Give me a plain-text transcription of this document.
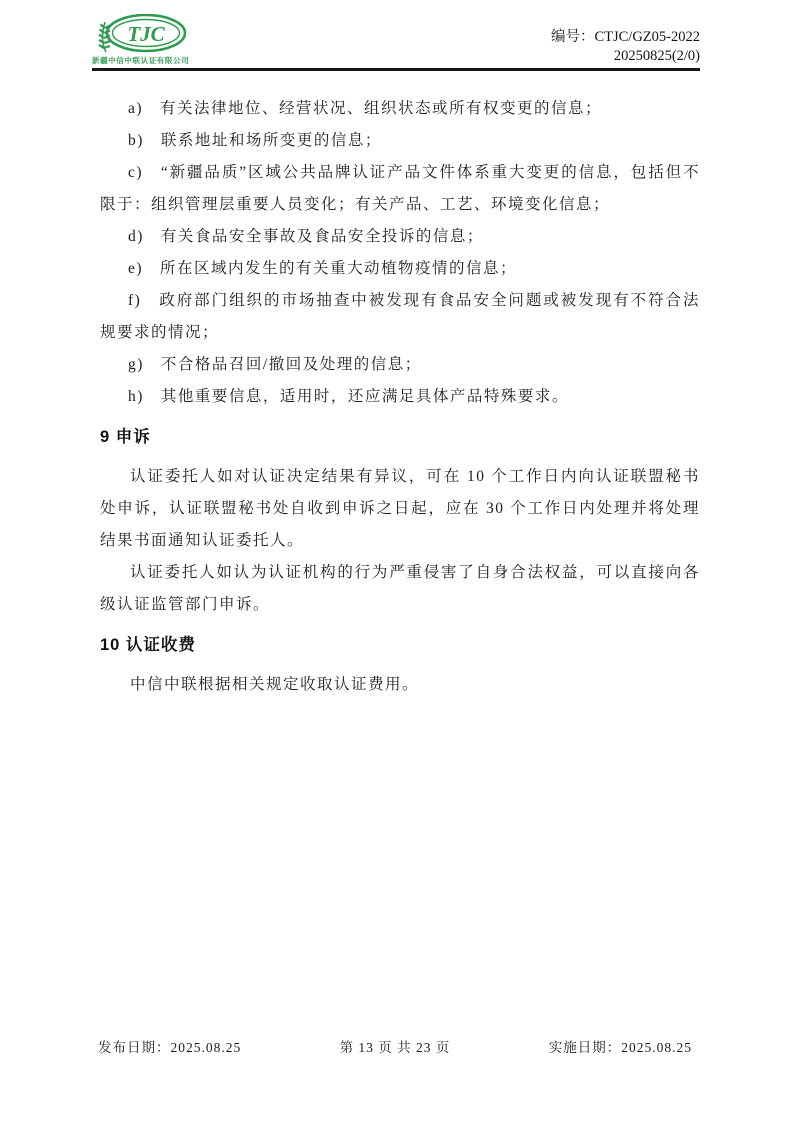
TJC
新疆中信中联认证有限公司
编号：CTJC/GZ05-2022
20250825(2/0)

a)　有关法律地位、经营状况、组织状态或所有权变更的信息；

b)　联系地址和场所变更的信息；

c)　“新疆品质”区域公共品牌认证产品文件体系重大变更的信息，包括但不限于：组织管理层重要人员变化；有关产品、工艺、环境变化信息；

d)　有关食品安全事故及食品安全投诉的信息；

e)　所在区域内发生的有关重大动植物疫情的信息；

f)　政府部门组织的市场抽查中被发现有食品安全问题或被发现有不符合法规要求的情况；

g)　不合格品召回/撤回及处理的信息；

h)　其他重要信息，适用时，还应满足具体产品特殊要求。

9 申诉

认证委托人如对认证决定结果有异议，可在 10 个工作日内向认证联盟秘书处申诉，认证联盟秘书处自收到申诉之日起，应在 30 个工作日内处理并将处理结果书面通知认证委托人。

认证委托人如认为认证机构的行为严重侵害了自身合法权益，可以直接向各级认证监管部门申诉。

10 认证收费

中信中联根据相关规定收取认证费用。

发布日期：2025.08.25	第 13 页 共 23 页	实施日期：2025.08.25
